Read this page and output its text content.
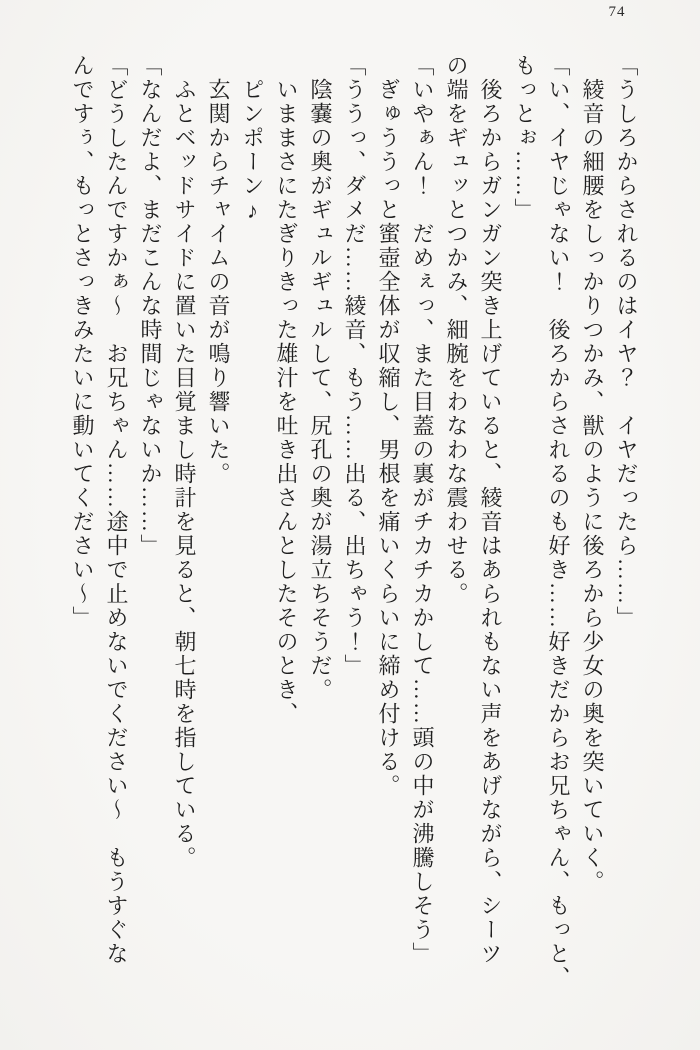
74

「うしろからされるのはイヤ？　イヤだったら……」

　綾音の細腰をしっかりつかみ、獣のように後ろから少女の奥を突いていく。

「い、イヤじゃない！　後ろからされるのも好き……好きだからお兄ちゃん、もっと、

もっとぉ……」

　後ろからガンガン突き上げていると、綾音はあられもない声をあげながら、シーツ

の端をギュッとつかみ、細腕をわなわな震わせる。

「いやぁん！　だめぇっ、また目蓋の裏がチカチカかして……頭の中が沸騰しそう」

　ぎゅううっと蜜壺全体が収縮し、男根を痛いくらいに締め付ける。

「ううっ、ダメだ……綾音、もう……出る、出ちゃう！」

　陰嚢の奥がギュルギュルして、尻孔の奥が湯立ちそうだ。

　いままさにたぎりきった雄汁を吐き出さんとしたそのとき、

　ピンポーン♪

　玄関からチャイムの音が鳴り響いた。

　ふとベッドサイドに置いた目覚まし時計を見ると、朝七時を指している。

「なんだよ、まだこんな時間じゃないか……」

「どうしたんですかぁ～　お兄ちゃん……途中で止めないでください～　もうすぐな

んですぅ、もっとさっきみたいに動いてください～」
